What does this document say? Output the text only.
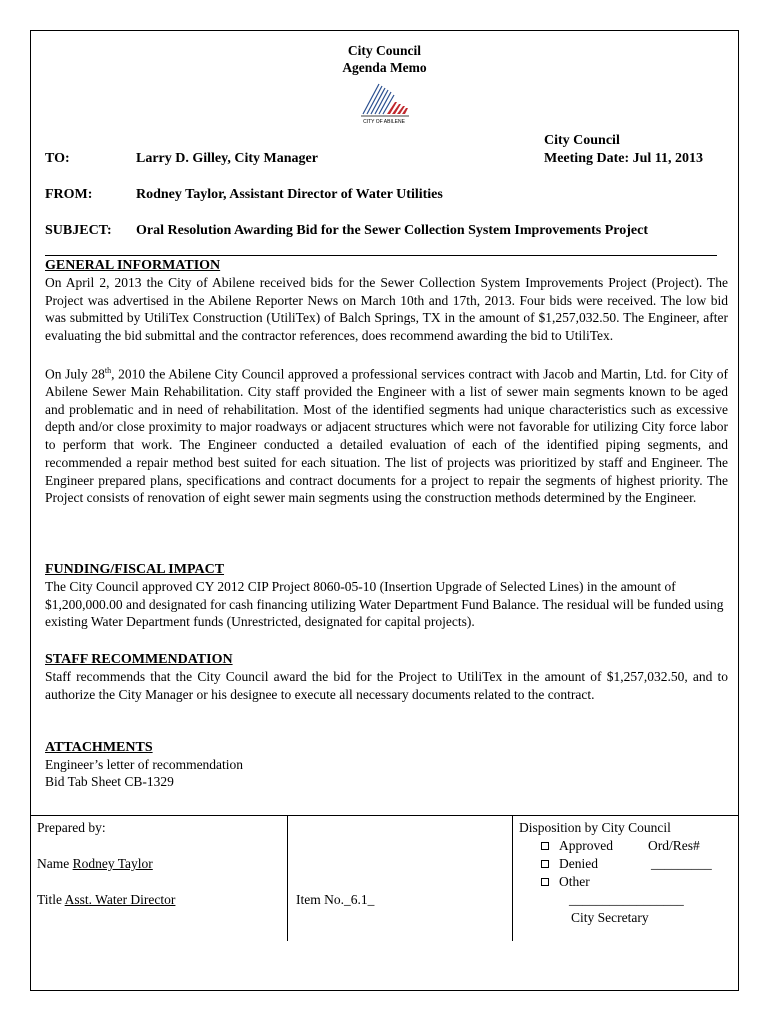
City Council
Agenda Memo
CITY OF ABILENE
City Council
Meeting Date: Jul 11, 2013
TO:	Larry D. Gilley, City Manager
FROM:	Rodney Taylor, Assistant Director of Water Utilities
SUBJECT: Oral Resolution Awarding Bid for the Sewer Collection System Improvements Project
GENERAL INFORMATION

On April 2, 2013 the City of Abilene received bids for the Sewer Collection System Improvements Project (Project). The Project was advertised in the Abilene Reporter News on March 10th and 17th, 2013. Four bids were received. The low bid was submitted by UtiliTex Construction (UtiliTex) of Balch Springs, TX in the amount of $1,257,032.50. The Engineer, after evaluating the bid submittal and the contractor references, does recommend awarding the bid to UtiliTex.

On July 28th, 2010 the Abilene City Council approved a professional services contract with Jacob and Martin, Ltd. for City of Abilene Sewer Main Rehabilitation. City staff provided the Engineer with a list of sewer main segments known to be aged and problematic and in need of rehabilitation. Most of the identified segments had unique characteristics such as excessive depth and/or close proximity to major roadways or adjacent structures which were not favorable for utilizing City force labor to perform that work. The Engineer conducted a detailed evaluation of each of the identified piping segments, and recommended a repair method best suited for each situation. The list of projects was prioritized by staff and Engineer. The Engineer prepared plans, specifications and contract documents for a project to repair the segments of highest priority. The Project consists of renovation of eight sewer main segments using the construction methods determined by the Engineer.

FUNDING/FISCAL IMPACT

The City Council approved CY 2012 CIP Project 8060-05-10 (Insertion Upgrade of Selected Lines) in the amount of $1,200,000.00 and designated for cash financing utilizing Water Department Fund Balance. The residual will be funded using existing Water Department funds (Unrestricted, designated for capital projects).

STAFF RECOMMENDATION

Staff recommends that the City Council award the bid for the Project to UtiliTex in the amount of $1,257,032.50, and to authorize the City Manager or his designee to execute all necessary documents related to the contract.

ATTACHMENTS
Engineer’s letter of recommendation
Bid Tab Sheet CB-1329
Prepared by:
Name Rodney Taylor
Title Asst. Water Director	Item No._6.1_
Disposition by City Council
Approved	Ord/Res#
Denied	_________
Other
_________________
City Secretary
